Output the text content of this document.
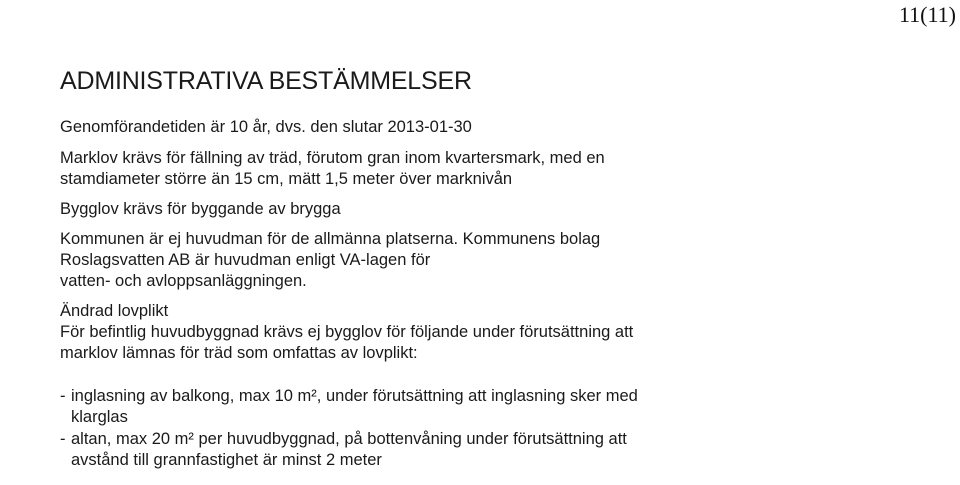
11(11)
ADMINISTRATIVA BESTÄMMELSER

Genomförandetiden är 10 år, dvs. den slutar 2013-01-30

Marklov krävs för fällning av träd, förutom gran inom kvartersmark, med en
stamdiameter större än 15 cm, mätt 1,5 meter över marknivån

Bygglov krävs för byggande av brygga

Kommunen är ej huvudman för de allmänna platserna. Kommunens bolag
Roslagsvatten AB är huvudman enligt VA-lagen för
vatten- och avloppsanläggningen.

Ändrad lovplikt

För befintlig huvudbyggnad krävs ej bygglov för följande under förutsättning att
marklov lämnas för träd som omfattas av lovplikt:

- inglasning av balkong, max 10 m², under förutsättning att inglasning sker med
klarglas
- altan, max 20 m² per huvudbyggnad, på bottenvåning under förutsättning att
avstånd till grannfastighet är minst 2 meter
